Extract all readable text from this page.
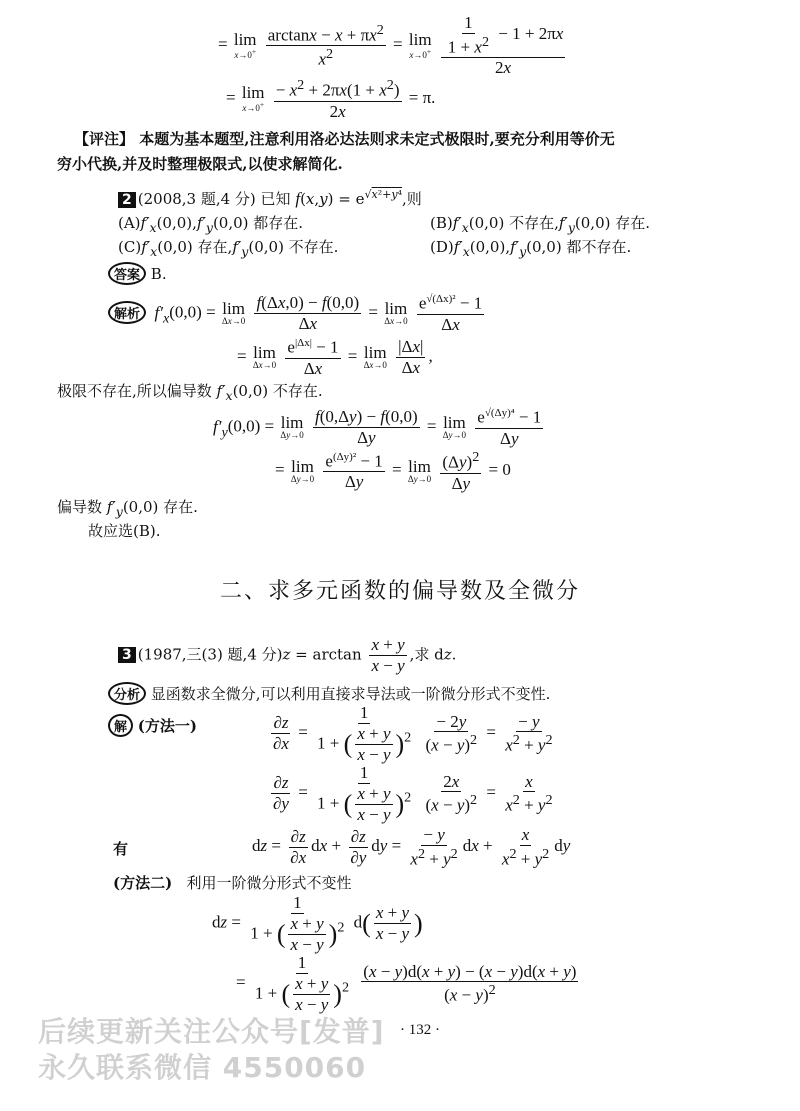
= lim
x→0+
$\frac{\arctan x - x + \pi x^2}{x^2} = \lim$
x→0+
$\frac{\frac{1}{1 + x^2} - 1 + 2\pi x}{2x}$
= lim
x→0+
$\frac{- x^2 + 2\pi x(1 + x^2)}{2x} = \pi$.
【评注】 本题为基本题型,注意利用洛必达法则求未定式极限时,要充分利用等价无
穷小代换,并及时整理极限式,以使求解简化.
2 (2008,3 题,4 分) 已知 $f(x,y) = e^{√x^2+y^4}$,则
$(A)f'_x(0,0),f'_y(0,0)$ 都存在.	$(B)f'_x(0,0)$ 不存在$,f'_y(0,0)$ 存在.
$(C)f'_x(0,0)$ 存在$,f'_y(0,0)$ 不存在.	$(D)f'_x(0,0),f'_y(0,0)$ 都不存在.
答案 B.
解析 $f'_x(0,0) = \lim$
Δx→0
$\frac{f(\Delta x,0) - f(0,0)}{\Delta x} = \lim$
Δx→0
$\frac{e^{√(\Delta x)^2} - 1}{\Delta x}$
= lim
Δx→0
$\frac{e^{|\Delta x|} - 1}{\Delta x} = \lim$
Δx→0
$\frac{|\Delta x|}{\Delta x}$ ,
极限不存在,所以偏导数 $f'_x(0,0)$ 不存在.
$f'_y(0,0) = \lim$
Δy→0
$\frac{f(0,\Delta y) - f(0,0)}{\Delta y} = \lim$
Δy→0
$\frac{e^{√(\Delta y)^4} - 1}{\Delta y}$
= lim
Δy→0
$\frac{e^{(\Delta y)^2} - 1}{\Delta y} = \lim$
Δy→0
$\frac{(\Delta y)^2}{\Delta y} = 0$
偏导数 $f'_y(0,0)$ 存在.
故应选(B).
二、求多元函数的偏导数及全微分
3 (1987,三(3) 题,4 分)$z = \arctan \frac{x + y}{x - y}$ ,求 dz.
分析 显函数求全微分,可以利用直接求导法或一阶微分形式不变性.
解 (方法一)	$\frac{\partial z}{\partial x} = \frac{1}{1 + ( \frac{x + y}{x - y} )^2}$
$\frac{- 2y}{(x - y)^2} = \frac{- y}{x^2 + y^2}$
$\frac{\partial z}{\partial y} = \frac{1}{1 + ( \frac{x + y}{x - y} )^2}$
$\frac{2x}{(x - y)^2} = \frac{x}{x^2 + y^2}$
有	dz = $\frac{\partial z}{\partial x}$ dx + $\frac{\partial z}{\partial y}$ dy = $\frac{- y}{x^2 + y^2}$ dx + $\frac{x}{x^2 + y^2}$ dy
(方法二) 利用一阶微分形式不变性
dz = $\frac{1}{1 + ( \frac{x + y}{x - y} )^2} d( \frac{x + y}{x - y}$ )
= $\frac{1}{1 + ( \frac{x + y}{x - y} )^2}$
$\frac{(x - y)d(x + y) - (x - y)d(x + y)}{(x - y)^2}$
· 132 ·
后续更新关注公众号[发普]
永久联系微信 4550060
